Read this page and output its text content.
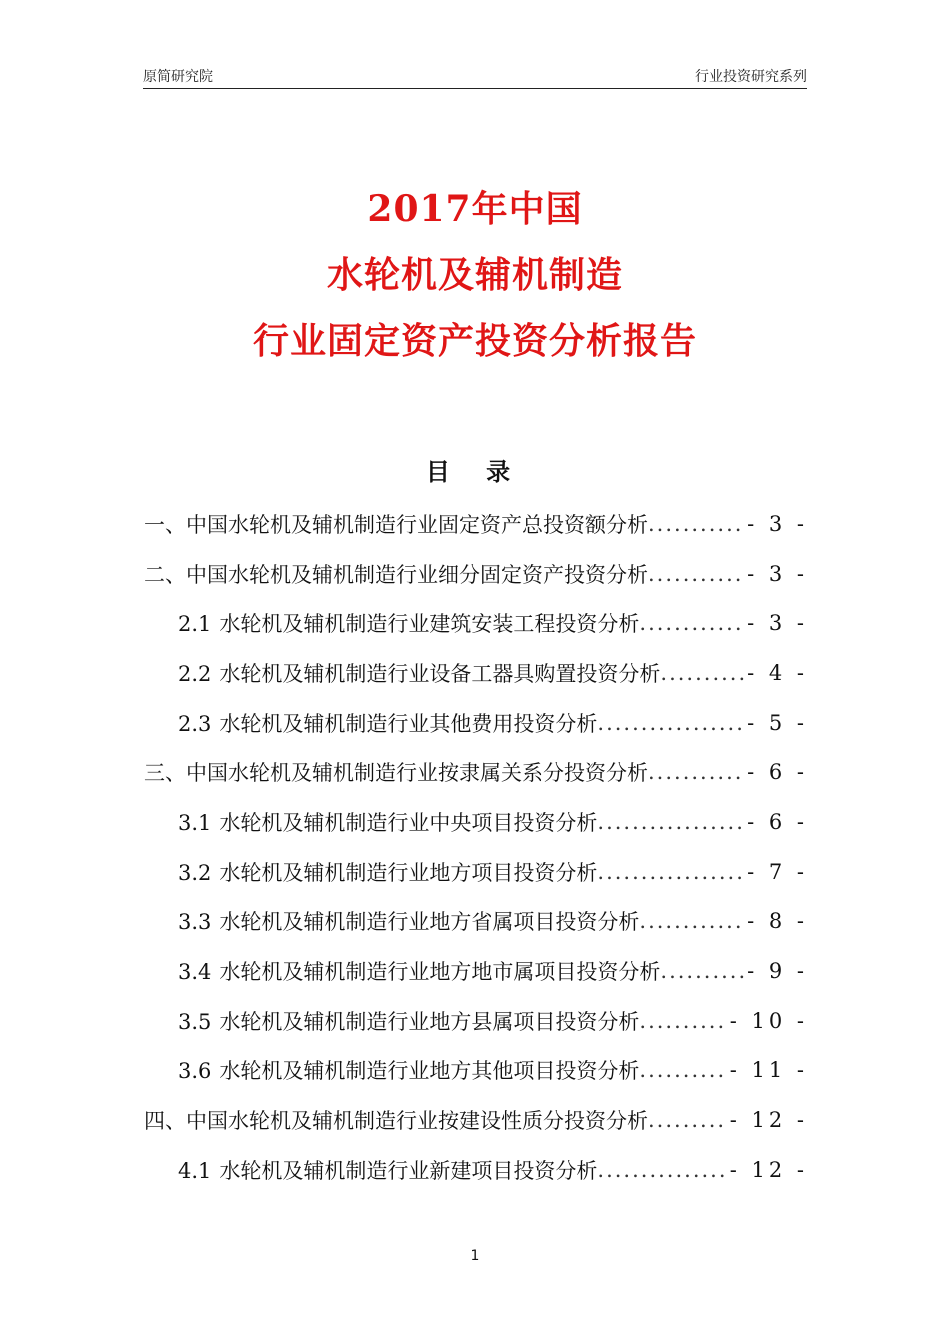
原简研究院	行业投资研究系列
2017年中国
水轮机及辅机制造
行业固定资产投资分析报告
目 录
一、中国水轮机及辅机制造行业固定资产总投资额分析 .....	- 3 -
二、中国水轮机及辅机制造行业细分固定资产投资分析 .....	- 3 -
2.1 水轮机及辅机制造行业建筑安装工程投资分析 .....	- 3 -
2.2 水轮机及辅机制造行业设备工器具购置投资分析 .....	- 4 -
2.3 水轮机及辅机制造行业其他费用投资分析 .....	- 5 -
三、中国水轮机及辅机制造行业按隶属关系分投资分析 .....	- 6 -
3.1 水轮机及辅机制造行业中央项目投资分析 .....	- 6 -
3.2 水轮机及辅机制造行业地方项目投资分析 .....	- 7 -
3.3 水轮机及辅机制造行业地方省属项目投资分析 .....	- 8 -
3.4 水轮机及辅机制造行业地方地市属项目投资分析 .....	- 9 -
3.5 水轮机及辅机制造行业地方县属项目投资分析 .....	- 10 -
3.6 水轮机及辅机制造行业地方其他项目投资分析 .....	- 11 -
四、中国水轮机及辅机制造行业按建设性质分投资分析 .....	- 12 -
4.1 水轮机及辅机制造行业新建项目投资分析 .....	- 12 -
1
